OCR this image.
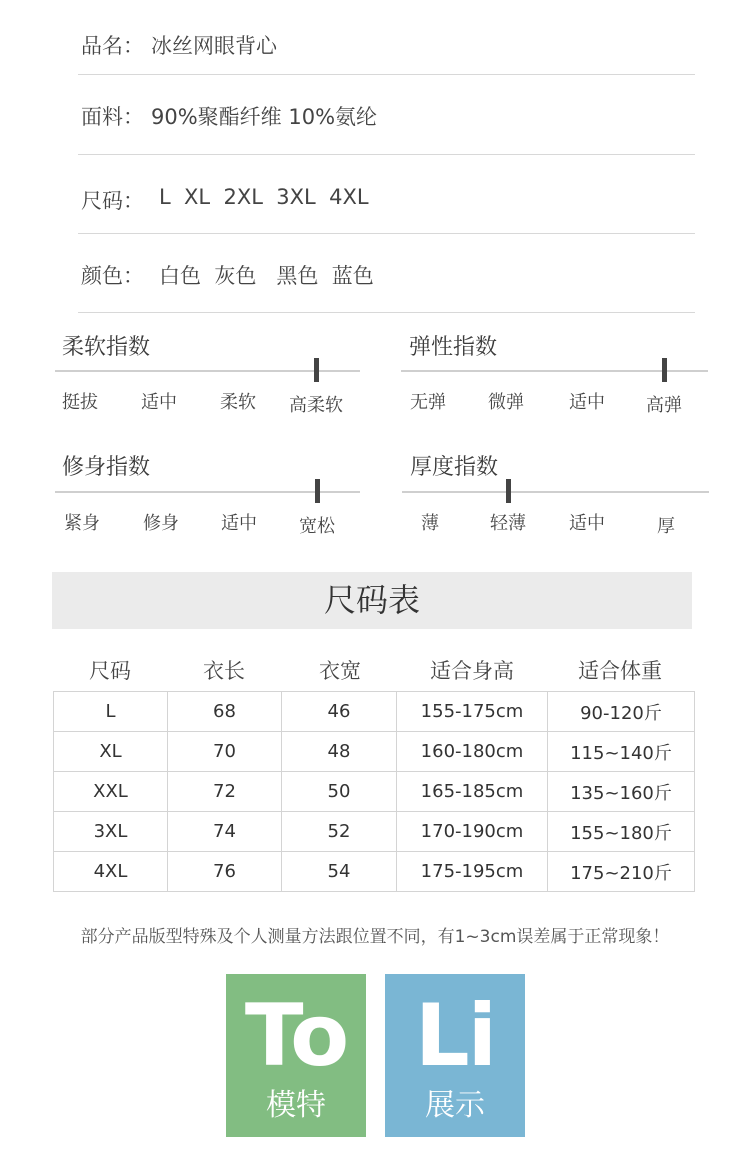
品名： 冰丝网眼背心
面料： 90%聚酯纤维 10%氨纶
尺码： L  XL  2XL  3XL  4XL
颜色： 白色  灰色   黑色  蓝色
柔软指数
挺拔 适中 柔软 高柔软
弹性指数
无弹 微弹	适中 高弹
修身指数
紧身 修身 适中 宽松
厚度指数
薄	轻薄 适中	厚
尺码表
尺码	衣长	衣宽	适合身高	适合体重
L	68	46	155-175cm	90-120斤
XL	70	48	160-180cm	115~140斤
XXL	72	50	165-185cm	135~160斤
3XL	74	52	170-190cm	155~180斤
4XL	76	54	175-195cm	175~210斤
部分产品版型特殊及个人测量方法跟位置不同，有1~3cm误差属于正常现象！
To
模特
Li
展示
